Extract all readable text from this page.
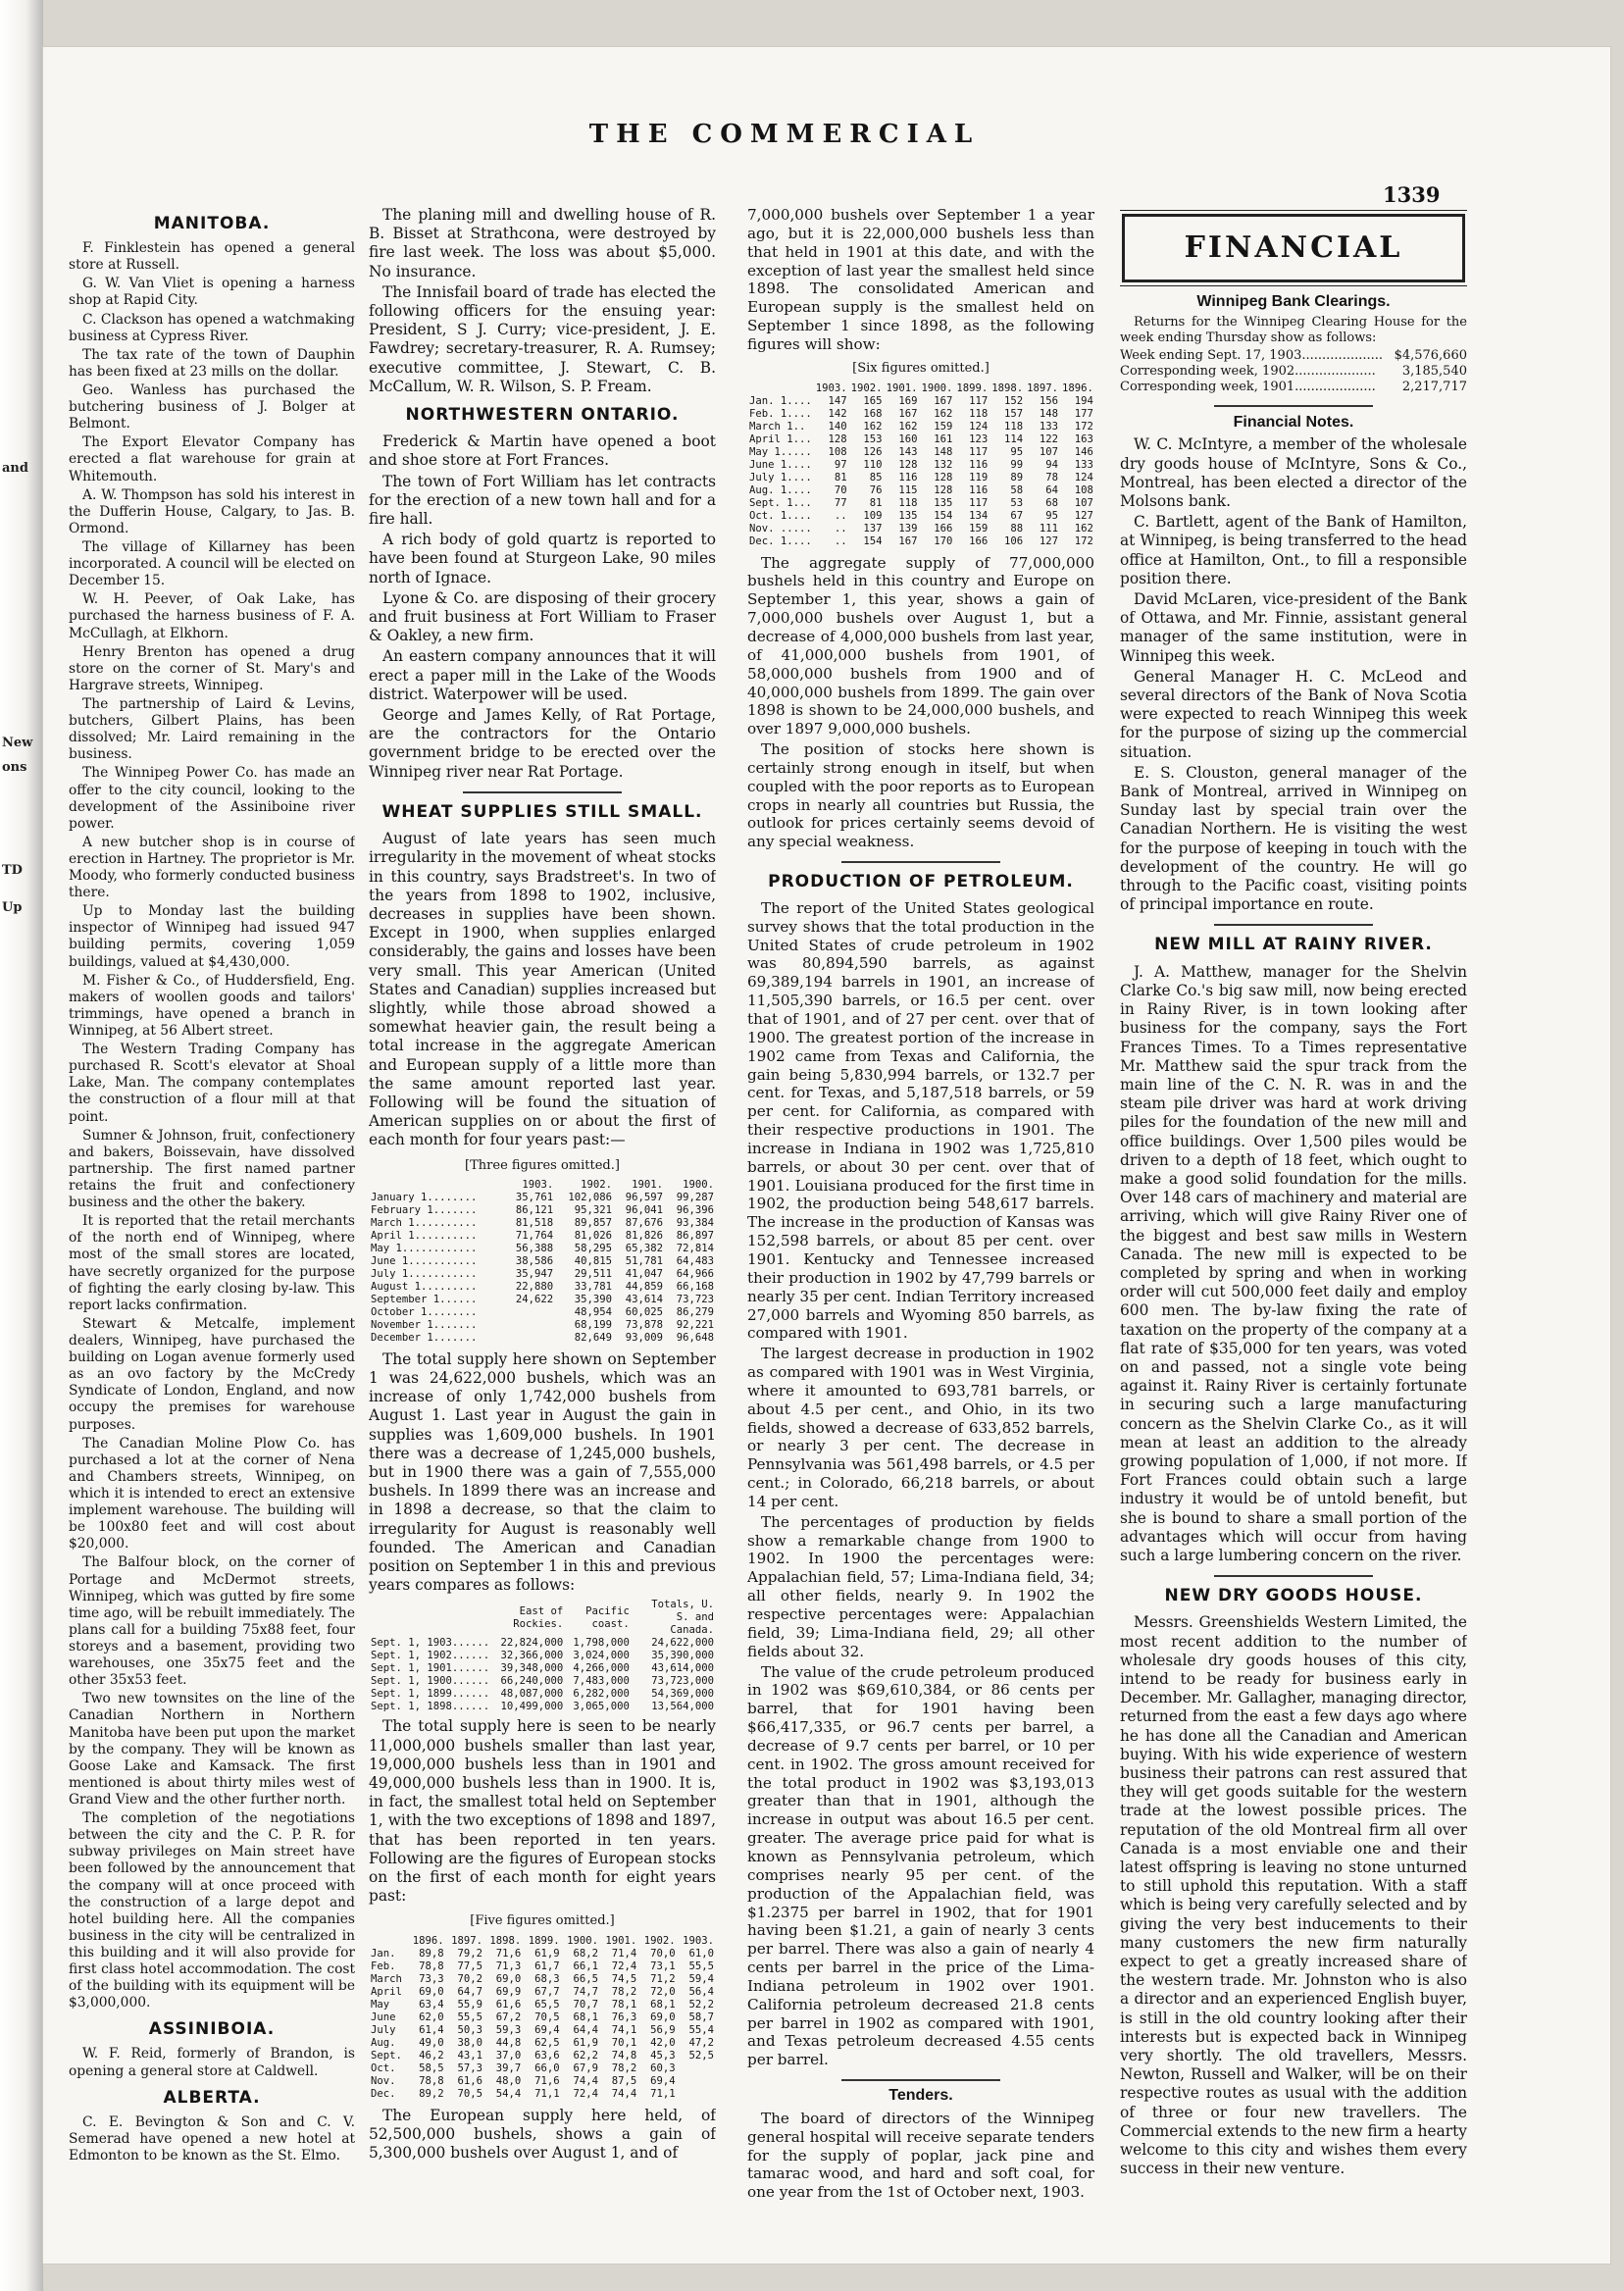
and
New
ons
TD
Up
THE COMMERCIAL
1339
MANITOBA.

F. Finklestein has opened a general store at Russell.

G. W. Van Vliet is opening a harness shop at Rapid City.

C. Clackson has opened a watchmaking business at Cypress River.

The tax rate of the town of Dauphin has been fixed at 23 mills on the dollar.

Geo. Wanless has purchased the butchering business of J. Bolger at Belmont.

The Export Elevator Company has erected a flat warehouse for grain at Whitemouth.

A. W. Thompson has sold his interest in the Dufferin House, Calgary, to Jas. B. Ormond.

The village of Killarney has been incorporated. A council will be elected on December 15.

W. H. Peever, of Oak Lake, has purchased the harness business of F. A. McCullagh, at Elkhorn.

Henry Brenton has opened a drug store on the corner of St. Mary's and Hargrave streets, Winnipeg.

The partnership of Laird & Levins, butchers, Gilbert Plains, has been dissolved; Mr. Laird remaining in the business.

The Winnipeg Power Co. has made an offer to the city council, looking to the development of the Assiniboine river power.

A new butcher shop is in course of erection in Hartney. The proprietor is Mr. Moody, who formerly conducted business there.

Up to Monday last the building inspector of Winnipeg had issued 947 building permits, covering 1,059 buildings, valued at $4,430,000.

M. Fisher & Co., of Huddersfield, Eng. makers of woollen goods and tailors' trimmings, have opened a branch in Winnipeg, at 56 Albert street.

The Western Trading Company has purchased R. Scott's elevator at Shoal Lake, Man. The company contemplates the construction of a flour mill at that point.

Sumner & Johnson, fruit, confectionery and bakers, Boissevain, have dissolved partnership. The first named partner retains the fruit and confectionery business and the other the bakery.

It is reported that the retail merchants of the north end of Winnipeg, where most of the small stores are located, have secretly organized for the purpose of fighting the early closing by-law. This report lacks confirmation.

Stewart & Metcalfe, implement dealers, Winnipeg, have purchased the building on Logan avenue formerly used as an ovo factory by the McCredy Syndicate of London, England, and now occupy the premises for warehouse purposes.

The Canadian Moline Plow Co. has purchased a lot at the corner of Nena and Chambers streets, Winnipeg, on which it is intended to erect an extensive implement warehouse. The building will be 100x80 feet and will cost about $20,000.

The Balfour block, on the corner of Portage and McDermot streets, Winnipeg, which was gutted by fire some time ago, will be rebuilt immediately. The plans call for a building 75x88 feet, four storeys and a basement, providing two warehouses, one 35x75 feet and the other 35x53 feet.

Two new townsites on the line of the Canadian Northern in Northern Manitoba have been put upon the market by the company. They will be known as Goose Lake and Kamsack. The first mentioned is about thirty miles west of Grand View and the other further north.

The completion of the negotiations between the city and the C. P. R. for subway privileges on Main street have been followed by the announcement that the company will at once proceed with the construction of a large depot and hotel building here. All the companies business in the city will be centralized in this building and it will also provide for first class hotel accommodation. The cost of the building with its equipment will be $3,000,000.

ASSINIBOIA.

W. F. Reid, formerly of Brandon, is opening a general store at Caldwell.

ALBERTA.

C. E. Bevington & Son and C. V. Semerad have opened a new hotel at Edmonton to be known as the St. Elmo.

The planing mill and dwelling house of R. B. Bisset at Strathcona, were destroyed by fire last week. The loss was about $5,000. No insurance.

The Innisfail board of trade has elected the following officers for the ensuing year: President, S J. Curry; vice-president, J. E. Fawdrey; secretary-treasurer, R. A. Rumsey; executive committee, J. Stewart, C. B. McCallum, W. R. Wilson, S. P. Fream.

NORTHWESTERN ONTARIO.

Frederick & Martin have opened a boot and shoe store at Fort Frances.

The town of Fort William has let contracts for the erection of a new town hall and for a fire hall.

A rich body of gold quartz is reported to have been found at Sturgeon Lake, 90 miles north of Ignace.

Lyone & Co. are disposing of their grocery and fruit business at Fort William to Fraser & Oakley, a new firm.

An eastern company announces that it will erect a paper mill in the Lake of the Woods district. Waterpower will be used.

George and James Kelly, of Rat Portage, are the contractors for the Ontario government bridge to be erected over the Winnipeg river near Rat Portage.

WHEAT SUPPLIES STILL SMALL.

August of late years has seen much irregularity in the movement of wheat stocks in this country, says Bradstreet's. In two of the years from 1898 to 1902, inclusive, decreases in supplies have been shown. Except in 1900, when supplies enlarged considerably, the gains and losses have been very small. This year American (United States and Canadian) supplies increased but slightly, while those abroad showed a somewhat heavier gain, the result being a total increase in the aggregate American and European supply of a little more than the same amount reported last year. Following will be found the situation of American supplies on or about the first of each month for four years past:—

[Three figures omitted.]
	1903.	1902.	1901.	1900.
January 1........	35,761	102,086	96,597	99,287
February 1.......	86,121	95,321	96,041	96,396
March 1..........	81,518	89,857	87,676	93,384
April 1..........	71,764	81,026	81,826	86,897
May 1............	56,388	58,295	65,382	72,814
June 1...........	38,586	40,815	51,781	64,483
July 1...........	35,947	29,511	41,047	64,966
August 1.........	22,880	33,781	44,859	66,168
September 1......	24,622	35,390	43,614	73,723
October 1........		48,954	60,025	86,279
November 1.......		68,199	73,878	92,221
December 1.......		82,649	93,009	96,648

The total supply here shown on September 1 was 24,622,000 bushels, which was an increase of only 1,742,000 bushels from August 1. Last year in August the gain in supplies was 1,609,000 bushels. In 1901 there was a decrease of 1,245,000 bushels, but in 1900 there was a gain of 7,555,000 bushels. In 1899 there was an increase and in 1898 a decrease, so that the claim to irregularity for August is reasonably well founded. The American and Canadian position on September 1 in this and previous years compares as follows:

	East of Rockies.	Pacific coast.	Totals, U. S. and Canada.
Sept. 1, 1903......	22,824,000	1,798,000	24,622,000
Sept. 1, 1902......	32,366,000	3,024,000	35,390,000
Sept. 1, 1901......	39,348,000	4,266,000	43,614,000
Sept. 1, 1900......	66,240,000	7,483,000	73,723,000
Sept. 1, 1899......	48,087,000	6,282,000	54,369,000
Sept. 1, 1898......	10,499,000	3,065,000	13,564,000

The total supply here is seen to be nearly 11,000,000 bushels smaller than last year, 19,000,000 bushels less than in 1901 and 49,000,000 bushels less than in 1900. It is, in fact, the smallest total held on September 1, with the two exceptions of 1898 and 1897, that has been reported in ten years. Following are the figures of European stocks on the first of each month for eight years past:

[Five figures omitted.]
	1896.	1897.	1898.	1899.	1900.	1901.	1902.	1903.
Jan.	89,8	79,2	71,6	61,9	68,2	71,4	70,0	61,0
Feb.	78,8	77,5	71,3	61,7	66,1	72,4	73,1	55,5
March	73,3	70,2	69,0	68,3	66,5	74,5	71,2	59,4
April	69,0	64,7	69,9	67,7	74,7	78,2	72,0	56,4
May	63,4	55,9	61,6	65,5	70,7	78,1	68,1	52,2
June	62,0	55,5	67,2	70,5	68,1	76,3	69,0	58,7
July	61,4	50,3	59,3	69,4	64,4	74,1	56,9	55,4
Aug.	49,0	38,0	44,8	62,5	61,9	70,1	42,0	47,2
Sept.	46,2	43,1	37,0	63,6	62,2	74,8	45,3	52,5
Oct.	58,5	57,3	39,7	66,0	67,9	78,2	60,3	
Nov.	78,8	61,6	48,0	71,6	74,4	87,5	69,4	
Dec.	89,2	70,5	54,4	71,1	72,4	74,4	71,1	

The European supply here held, of 52,500,000 bushels, shows a gain of 5,300,000 bushels over August 1, and of

7,000,000 bushels over September 1 a year ago, but it is 22,000,000 bushels less than that held in 1901 at this date, and with the exception of last year the smallest held since 1898. The consolidated American and European supply is the smallest held on September 1 since 1898, as the following figures will show:

[Six figures omitted.]
	1903.	1902.	1901.	1900.	1899.	1898.	1897.	1896.
Jan. 1....	147	165	169	167	117	152	156	194
Feb. 1....	142	168	167	162	118	157	148	177
March 1..	140	162	162	159	124	118	133	172
April 1...	128	153	160	161	123	114	122	163
May 1.....	108	126	143	148	117	95	107	146
June 1....	97	110	128	132	116	99	94	133
July 1....	81	85	116	128	119	89	78	124
Aug. 1....	70	76	115	128	116	58	64	108
Sept. 1...	77	81	118	135	117	53	68	107
Oct. 1....	..	109	135	154	134	67	95	127
Nov. .....	..	137	139	166	159	88	111	162
Dec. 1....	..	154	167	170	166	106	127	172

The aggregate supply of 77,000,000 bushels held in this country and Europe on September 1, this year, shows a gain of 7,000,000 bushels over August 1, but a decrease of 4,000,000 bushels from last year, of 41,000,000 bushels from 1901, of 58,000,000 bushels from 1900 and of 40,000,000 bushels from 1899. The gain over 1898 is shown to be 24,000,000 bushels, and over 1897 9,000,000 bushels.

The position of stocks here shown is certainly strong enough in itself, but when coupled with the poor reports as to European crops in nearly all countries but Russia, the outlook for prices certainly seems devoid of any special weakness.

PRODUCTION OF PETROLEUM.

The report of the United States geological survey shows that the total production in the United States of crude petroleum in 1902 was 80,894,590 barrels, as against 69,389,194 barrels in 1901, an increase of 11,505,390 barrels, or 16.5 per cent. over that of 1901, and of 27 per cent. over that of 1900. The greatest portion of the increase in 1902 came from Texas and California, the gain being 5,830,994 barrels, or 132.7 per cent. for Texas, and 5,187,518 barrels, or 59 per cent. for California, as compared with their respective productions in 1901. The increase in Indiana in 1902 was 1,725,810 barrels, or about 30 per cent. over that of 1901. Louisiana produced for the first time in 1902, the production being 548,617 barrels. The increase in the production of Kansas was 152,598 barrels, or about 85 per cent. over 1901. Kentucky and Tennessee increased their production in 1902 by 47,799 barrels or nearly 35 per cent. Indian Territory increased 27,000 barrels and Wyoming 850 barrels, as compared with 1901.

The largest decrease in production in 1902 as compared with 1901 was in West Virginia, where it amounted to 693,781 barrels, or about 4.5 per cent., and Ohio, in its two fields, showed a decrease of 633,852 barrels, or nearly 3 per cent. The decrease in Pennsylvania was 561,498 barrels, or 4.5 per cent.; in Colorado, 66,218 barrels, or about 14 per cent.

The percentages of production by fields show a remarkable change from 1900 to 1902. In 1900 the percentages were: Appalachian field, 57; Lima-Indiana field, 34; all other fields, nearly 9. In 1902 the respective percentages were: Appalachian field, 39; Lima-Indiana field, 29; all other fields about 32.

The value of the crude petroleum produced in 1902 was $69,610,384, or 86 cents per barrel, that for 1901 having been $66,417,335, or 96.7 cents per barrel, a decrease of 9.7 cents per barrel, or 10 per cent. in 1902. The gross amount received for the total product in 1902 was $3,193,013 greater than that in 1901, although the increase in output was about 16.5 per cent. greater. The average price paid for what is known as Pennsylvania petroleum, which comprises nearly 95 per cent. of the production of the Appalachian field, was $1.2375 per barrel in 1902, that for 1901 having been $1.21, a gain of nearly 3 cents per barrel. There was also a gain of nearly 4 cents per barrel in the price of the Lima-Indiana petroleum in 1902 over 1901. California petroleum decreased 21.8 cents per barrel in 1902 as compared with 1901, and Texas petroleum decreased 4.55 cents per barrel.

Tenders.

The board of directors of the Winnipeg general hospital will receive separate tenders for the supply of poplar, jack pine and tamarac wood, and hard and soft coal, for one year from the 1st of October next, 1903.

FINANCIAL
Winnipeg Bank Clearings.

Returns for the Winnipeg Clearing House for the week ending Thursday show as follows:

Week ending Sept. 17, 1903.................... $4,576,660
Corresponding week, 1902.................... 3,185,540
Corresponding week, 1901.................... 2,217,717
Financial Notes.

W. C. McIntyre, a member of the wholesale dry goods house of McIntyre, Sons & Co., Montreal, has been elected a director of the Molsons bank.

C. Bartlett, agent of the Bank of Hamilton, at Winnipeg, is being transferred to the head office at Hamilton, Ont., to fill a responsible position there.

David McLaren, vice-president of the Bank of Ottawa, and Mr. Finnie, assistant general manager of the same institution, were in Winnipeg this week.

General Manager H. C. McLeod and several directors of the Bank of Nova Scotia were expected to reach Winnipeg this week for the purpose of sizing up the commercial situation.

E. S. Clouston, general manager of the Bank of Montreal, arrived in Winnipeg on Sunday last by special train over the Canadian Northern. He is visiting the west for the purpose of keeping in touch with the development of the country. He will go through to the Pacific coast, visiting points of principal importance en route.

NEW MILL AT RAINY RIVER.

J. A. Matthew, manager for the Shelvin Clarke Co.'s big saw mill, now being erected in Rainy River, is in town looking after business for the company, says the Fort Frances Times. To a Times representative Mr. Matthew said the spur track from the main line of the C. N. R. was in and the steam pile driver was hard at work driving piles for the foundation of the new mill and office buildings. Over 1,500 piles would be driven to a depth of 18 feet, which ought to make a good solid foundation for the mills. Over 148 cars of machinery and material are arriving, which will give Rainy River one of the biggest and best saw mills in Western Canada. The new mill is expected to be completed by spring and when in working order will cut 500,000 feet daily and employ 600 men. The by-law fixing the rate of taxation on the property of the company at a flat rate of $35,000 for ten years, was voted on and passed, not a single vote being against it. Rainy River is certainly fortunate in securing such a large manufacturing concern as the Shelvin Clarke Co., as it will mean at least an addition to the already growing population of 1,000, if not more. If Fort Frances could obtain such a large industry it would be of untold benefit, but she is bound to share a small portion of the advantages which will occur from having such a large lumbering concern on the river.

NEW DRY GOODS HOUSE.

Messrs. Greenshields Western Limited, the most recent addition to the number of wholesale dry goods houses of this city, intend to be ready for business early in December. Mr. Gallagher, managing director, returned from the east a few days ago where he has done all the Canadian and American buying. With his wide experience of western business their patrons can rest assured that they will get goods suitable for the western trade at the lowest possible prices. The reputation of the old Montreal firm all over Canada is a most enviable one and their latest offspring is leaving no stone unturned to still uphold this reputation. With a staff which is being very carefully selected and by giving the very best inducements to their many customers the new firm naturally expect to get a greatly increased share of the western trade. Mr. Johnston who is also a director and an experienced English buyer, is still in the old country looking after their interests but is expected back in Winnipeg very shortly. The old travellers, Messrs. Newton, Russell and Walker, will be on their respective routes as usual with the addition of three or four new travellers. The Commercial extends to the new firm a hearty welcome to this city and wishes them every success in their new venture.
